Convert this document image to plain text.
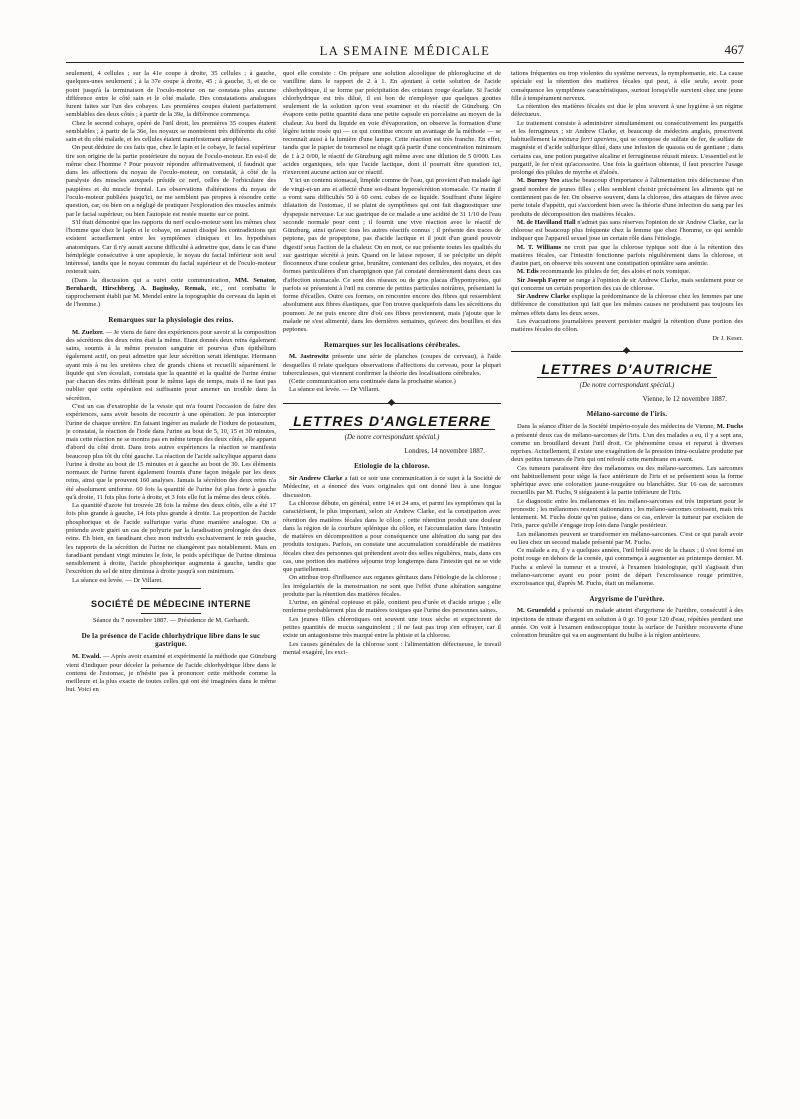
LA SEMAINE MÉDICALE	467

seulement, 4 cellules ; sur la 41e coupe à droite, 35 cellules ; à gauche, quelques-unes seulement ; à la 37e coupe à droite, 45 ; à gauche, 3, et de ce point jusqu'à la terminaison de l'oculo-moteur on ne constata plus aucune différence entre le côté sain et le côté malade. Des constatations analogues furent faites sur l'un des cobayes. Les premières coupes étaient parfaitement semblables des deux côtés ; à partir de la 39e, la différence commença.

Chez le second cobaye, opéré de l'œil droit, les premières 35 coupes étaient semblables ; à partir de la 36e, les noyaux se montrèrent très différents du côté sain et du côté malade, et les cellules étaient manifestement atrophiées.

On peut déduire de ces faits que, chez le lapin et le cobaye, le facial supérieur tire son origine de la partie postérieure du noyau de l'oculo-moteur. En est-il de même chez l'homme ? Pour pouvoir répondre affirmativement, il faudrait que dans les affections du noyau de l'oculo-moteur, on constatât, à côté de la paralysie des muscles auxquels préside ce nerf, celles de l'orbiculaire des paupières et du muscle frontal. Les observations d'altérations du noyau de l'oculo-moteur publiées jusqu'ici, ne me semblent pas propres à résoudre cette question, car, ou bien on a négligé de pratiquer l'exploration des muscles animés par le facial supérieur, ou bien l'autopsie est restée muette sur ce point.

S'il était démontré que les rapports du nerf oculo-moteur sont les mêmes chez l'homme que chez le lapin et le cobaye, on aurait dissipé les contradictions qui existent actuellement entre les symptômes cliniques et les hypothèses anatomiques. Car il n'y aurait aucune difficulté à admettre que, dans le cas d'une hémiplégie consécutive à une apoplexie, le noyau du facial inférieur soit seul intéressé, tandis que le noyau commun du facial supérieur et de l'oculo-moteur resterait sain.

(Dans la discussion qui a suivi cette communication, MM. Senator, Bernhardt, Hirschberg, A. Baginsky, Remak, etc., ont combattu le rapprochement établi par M. Mendel entre la topographie du cerveau du lapin et de l'homme.)

Remarques sur la physiologie des reins.

M. Zuelzer. — Je viens de faire des expériences pour savoir si la composition des sécrétions des deux reins était la même. Etant donnés deux reins également sains, soumis à la même pression sanguine et pourvus d'un épithélium également actif, on peut admettre que leur sécrétion serait identique. Hermann ayant mis à nu les uretères chez de grands chiens et recueilli séparément le liquide qui s'en écoulait, constata que la quantité et la qualité de l'urine émise par chacun des reins différait pour le même laps de temps, mais il ne faut pas oublier que cette opération est suffisante pour amener un trouble dans la sécrétion.

C'est un cas d'exstrophie de la vessie qui m'a fourni l'occasion de faire des expériences, sans avoir besoin de recourir à une opération. Je pus intercepter l'urine de chaque uretère. En faisant ingérer au malade de l'iodure de potassium, je constatai, la réaction de l'iode dans l'urine au bout de 5, 10, 15 et 30 minutes, mais cette réaction ne se montra pas en même temps des deux côtés, elle apparut d'abord du côté droit. Dans trois autres expériences la réaction se manifesta beaucoup plus tôt du côté gauche. La réaction de l'acide salicylique apparut dans l'urine à droite au bout de 15 minutes et à gauche au bout de 30. Les éléments normaux de l'urine furent également fournis d'une façon inégale par les deux reins, ainsi que le prouvent 160 analyses. Jamais la sécrétion des deux reins n'a été absolument uniforme. 60 fois la quantité de l'urine fut plus forte à gauche qu'à droite, 11 fois plus forte à droite, et 3 fois elle fut la même des deux côtés.

La quantité d'azote fut trouvée 28 fois la même des deux côtés, elle a été 17 fois plus grande à gauche, 14 fois plus grande à droite. La proportion de l'acide phosphorique et de l'acide sulfurique varia d'une manière analogue. On a prétendu avoir guéri un cas de polyurie par la faradisation prolongée des deux reins. Eh bien, en faradisant chez mon individu exclusivement le rein gauche, les rapports de la sécrétion de l'urine ne changèrent pas notablement. Mais en faradisant pendant vingt minutes le foie, le poids spécifique de l'urine diminua sensiblement à droite, l'acide phosphorique augmenta à gauche, tandis que l'excrétion du sel de nitre diminua à droite jusqu'à son minimum.

La séance est levée. — Dr Villaret.

SOCIÉTÉ DE MÉDECINE INTERNE
Séance du 7 novembre 1887. — Présidence de M. Gerhardt.
De la présence de l'acide chlorhydrique libre dans le suc gastrique.

M. Ewald. — Après avoir examiné et expérimenté la méthode que Günzburg vient d'indiquer pour déceler la présence de l'acide chlorhydrique libre dans le contenu de l'estomac, je n'hésite pas à prononcer cette méthode comme la meilleure et la plus exacte de toutes celles qui ont été imaginées dans le même but. Voici en

quoi elle consiste : On prépare une solution alcoolique de phloroglucine et de vanilline dans le rapport de 2 à 1. En ajoutant à cette solution de l'acide chlorhydrique, il se forme par précipitation des cristaux rouge écarlate. Si l'acide chlorhydrique est très dilué, il est bon de n'employer que quelques gouttes seulement de la solution qu'on veut examiner et du réactif de Günzburg. On évapore cette petite quantité dans une petite capsule en porcelaine au moyen de la chaleur. Au bord du liquide en voie d'évaporation, on observe la formation d'une légère teinte rosée qui — ce qui constitue encore un avantage de la méthode — se reconnaît aussi à la lumière d'une lampe. Cette réaction est très franche. En effet, tandis que le papier de tournesol ne réagit qu'à partir d'une concentration minimum de 1 à 2 0/00, le réactif de Günzburg agit même avec une dilution de 5 0/000. Les acides organiques, tels que l'acide lactique, dont il pourrait être question ici, n'exercent aucune action sur ce réactif.

Y ici un contenu stomacal, limpide comme de l'eau, qui provient d'un malade âgé de vingt-et-un ans et affecté d'une soi-disant hypersécrétion stomacale. Ce matin il a vomi sans difficultés 50 à 60 cent. cubes de ce liquide. Souffrant d'une légère dilatation de l'estomac, il se plaint de symptômes qui ont fait diagnostiquer une dyspepsie nerveuse. Le suc gastrique de ce malade a une acidité de 31 1/10 de l'eau seconde normale pour cent ; il fournit une vive réaction avec le réactif de Günzburg, ainsi qu'avec tous les autres réactifs connus ; il présente des traces de peptone, pas de propeptone, pas d'acide lactique et il jouit d'un grand pouvoir digestif sous l'action de la chaleur. On en mot, ce suc présente toutes les qualités du suc gastrique sécrété à jeun. Quand on le laisse reposer, il se précipite un dépôt floconneux d'une couleur grise, brunâtre, contenant des cellules, des noyaux, et des formes particulières d'un champignon que j'ai constaté dernièrement dans deux cas d'affection stomacale. Ce sont des réseaux ou de gros placas d'hypomycètes, qui parfois se présentent à l'œil nu comme de petites particules noirâtres, présentant la forme d'écailles. Outre ces formes, on rencontre encore des fibres qui ressemblent absolument aux fibres élastiques, que l'on trouve quelquefois dans les sécrétions du poumon. Je ne puis encore dire d'où ces fibres proviennent, mais j'ajoute que le malade ne s'est alimenté, dans les dernières semaines, qu'avec des bouillies et des peptones.

Remarques sur les localisations cérébrales.

M. Jastrowitz présente une série de planches (coupes de cerveau), à l'aide desquelles il relate quelques observations d'affections du cerveau, pour la plupart tuberculeuses, qui viennent confirmer la théorie des localisations cérébrales.

(Cette communication sera continuée dans la prochaine séance.)

La séance est levée. — Dr Villaret.

LETTRES D'ANGLETERRE
(De notre correspondant spécial.)
Londres, 14 novembre 1887.
Etiologie de la chlorose.

Sir Andrew Clarke a fait ce soir une communication à ce sujet à la Société de Médecine, et a énoncé des vues originales qui ont donné lieu à une longue discussion.

La chlorose débute, en général, entre 14 et 24 ans, et parmi les symptômes qui la caractérisent, le plus important, selon sir Andrew Clarke, est la constipation avec rétention des matières fécales dans le côlon ; cette rétention produit une douleur dans la région de la courbure splénique du côlon, et l'accumulation dans l'intestin de matières en décomposition a pour conséquence une altération du sang par des produits toxiques. Parfois, on constate une accumulation considérable de matières fécales chez des personnes qui prétendent avoir des selles régulières, mais, dans ces cas, une portion des matières séjourne trop longtemps dans l'intestin qui ne se vide que partiellement.

On attribue trop d'influence aux organes génitaux dans l'étiologie de la chlorose ; les irrégularités de la menstruation ne sont que l'effet d'une altération sanguine produite par la rétention des matières fécales.

L'urine, en général copieuse et pâle, contient peu d'urée et d'acide urique ; elle renferme probablement plus de matières toxiques que l'urine des personnes saines.

Les jeunes filles chlorotiques ont souvent une toux sèche et expectorent de petites quantités de mucus sanguinolent ; il ne faut pas trop s'en effrayer, car il existe un antagonisme très marqué entre la phtisie et la chlorose.

Les causes générales de la chlorose sont : l'alimentation défectueuse, le travail mental exagéré, les exci-

tations fréquentes ou trop violentes du système nerveux, la nymphomanie, etc. La cause spéciale est la rétention des matières fécales qui peut, à elle seule, avoir pour conséquence les symptômes caractéristiques, surtout lorsqu'elle survient chez une jeune fille à tempérament nerveux.

La rétention des matières fécales est due le plus souvent à une hygiène à un régime défectueux.

Le traitement consiste à administrer simultanément ou consécutivement les purgatifs et les ferrugineux ; sir Andrew Clarke, et beaucoup de médecins anglais, prescrivent habituellement la mixtura ferri aperiens, qui se compose de sulfate de fer, de sulfate de magnésie et d'acide sulfurique dilué, dans une infusion de quassia ou de gentiane ; dans certains cas, une potion purgative alcaline et ferrugineuse réussit mieux. L'essentiel est le purgatif, le fer n'est qu'accessoire. Une fois la guérison obtenue, il faut prescrire l'usage prolongé des pilules de myrrhe et d'aloès.

M. Burney Yeo attache beaucoup d'importance à l'alimentation très défectueuse d'un grand nombre de jeunes filles ; elles semblent choisir précisément les aliments qui ne contiennent pas de fer. On observe souvent, dans la chlorose, des attaques de fièvre avec perte totale d'appétit, qui s'accordent bien avec la théorie d'une infection du sang par les produits de décomposition des matières fécales.

M. de Havilland Hall n'admet pas sans réserves l'opinion de sir Andrew Clarke, car la chlorose est beaucoup plus fréquente chez la femme que chez l'homme, ce qui semble indiquer que l'appareil sexuel joue un certain rôle dans l'étiologie.

M. T. Williams ne croit pas que la chlorose typique soit due à la rétention des matières fécales, car l'intestin fonctionne parfois régulièrement dans la chlorose, et d'autre part, on observe très souvent une constipation opiniâtre sans anémie.

M. Edis recommande les pilules de fer, des aloès et noix vomique.

Sir Joseph Fayrer se range à l'opinion de sir Andrew Clarke, mais seulement pour ce qui concerne un certain proportion des cas de chlorose.

Sir Andrew Clarke explique la prédominance de la chlorose chez les femmes par une différence de constitution qui fait que les mêmes causes ne produisent pas toujours les mêmes effets dans les deux sexes.

Les évacuations journalières peuvent persister malgré la rétention d'une portion des matières fécales du côlon.

Dr J. Keser.
LETTRES D'AUTRICHE
(De notre correspondant spécial.)
Vienne, le 12 novembre 1887.
Mélano-sarcome de l'iris.

Dans la séance d'hier de la Société império-royale des médecins de Vienne, M. Fuchs a présenté deux cas de mélano-sarcomes de l'iris. L'un des malades a eu, il y a sept ans, comme un brouillard devant l'œil droit. Ce phénomène cessa et reparut à diverses reprises. Actuellement, il existe une exagération de la pression intra-oculaire produite par deux petites tumeurs de l'iris qui ont refoulé cette membrane en avant.

Ces tumeurs paraissent être des mélanomes ou des mélano-sarcomes. Les sarcomes ont habituellement pour siège la face antérieure de l'iris et se présentent sous la forme sphérique avec une coloration jaune-rougeâtre ou blanchâtre. Sur 16 cas de sarcomes recueillis par M. Fuchs, 9 siégeaient à la partie inférieure de l'iris.

Le diagnostic entre les mélanomes et les mélano-sarcomes est très important pour le pronostic ; les mélanomes restent stationnaires ; les mélano-sarcomes croissent, mais très lentement. M. Fuchs doute qu'on puisse, dans ce cas, enlever la tumeur par excision de l'iris, parce qu'elle s'engage trop loin dans l'angle postérieur.

Les mélanomes peuvent se transformer en mélano-sarcomes. C'est ce qui paraît avoir eu lieu chez un second malade présenté par M. Fuchs.

Ce malade a eu, il y a quelques années, l'œil brûlé avec de la chaux ; il s'est formé un point rouge en dehors de la cornée, qui commença à augmenter au printemps dernier. M. Fuchs a enlevé la tumeur et a trouvé, à l'examen histologique, qu'il s'agissait d'un mélano-sarcome ayant eu pour point de départ l'excroissance rouge primitive, excroissance qui, d'après M. Fuchs, était un mélanome.

Argyrisme de l'urèthre.

M. Gruenfeld a présenté un malade atteint d'argyrisme de l'urèthre, consécutif à des injections de nitrate d'argent en solution à 0 gr. 10 pour 120 d'eau, répétées pendant une année. On voit à l'examen endoscopique toute la surface de l'urèthre recouverte d'une coloration brunâtre qui va en augmentant du bulbe à la région antérieure.
